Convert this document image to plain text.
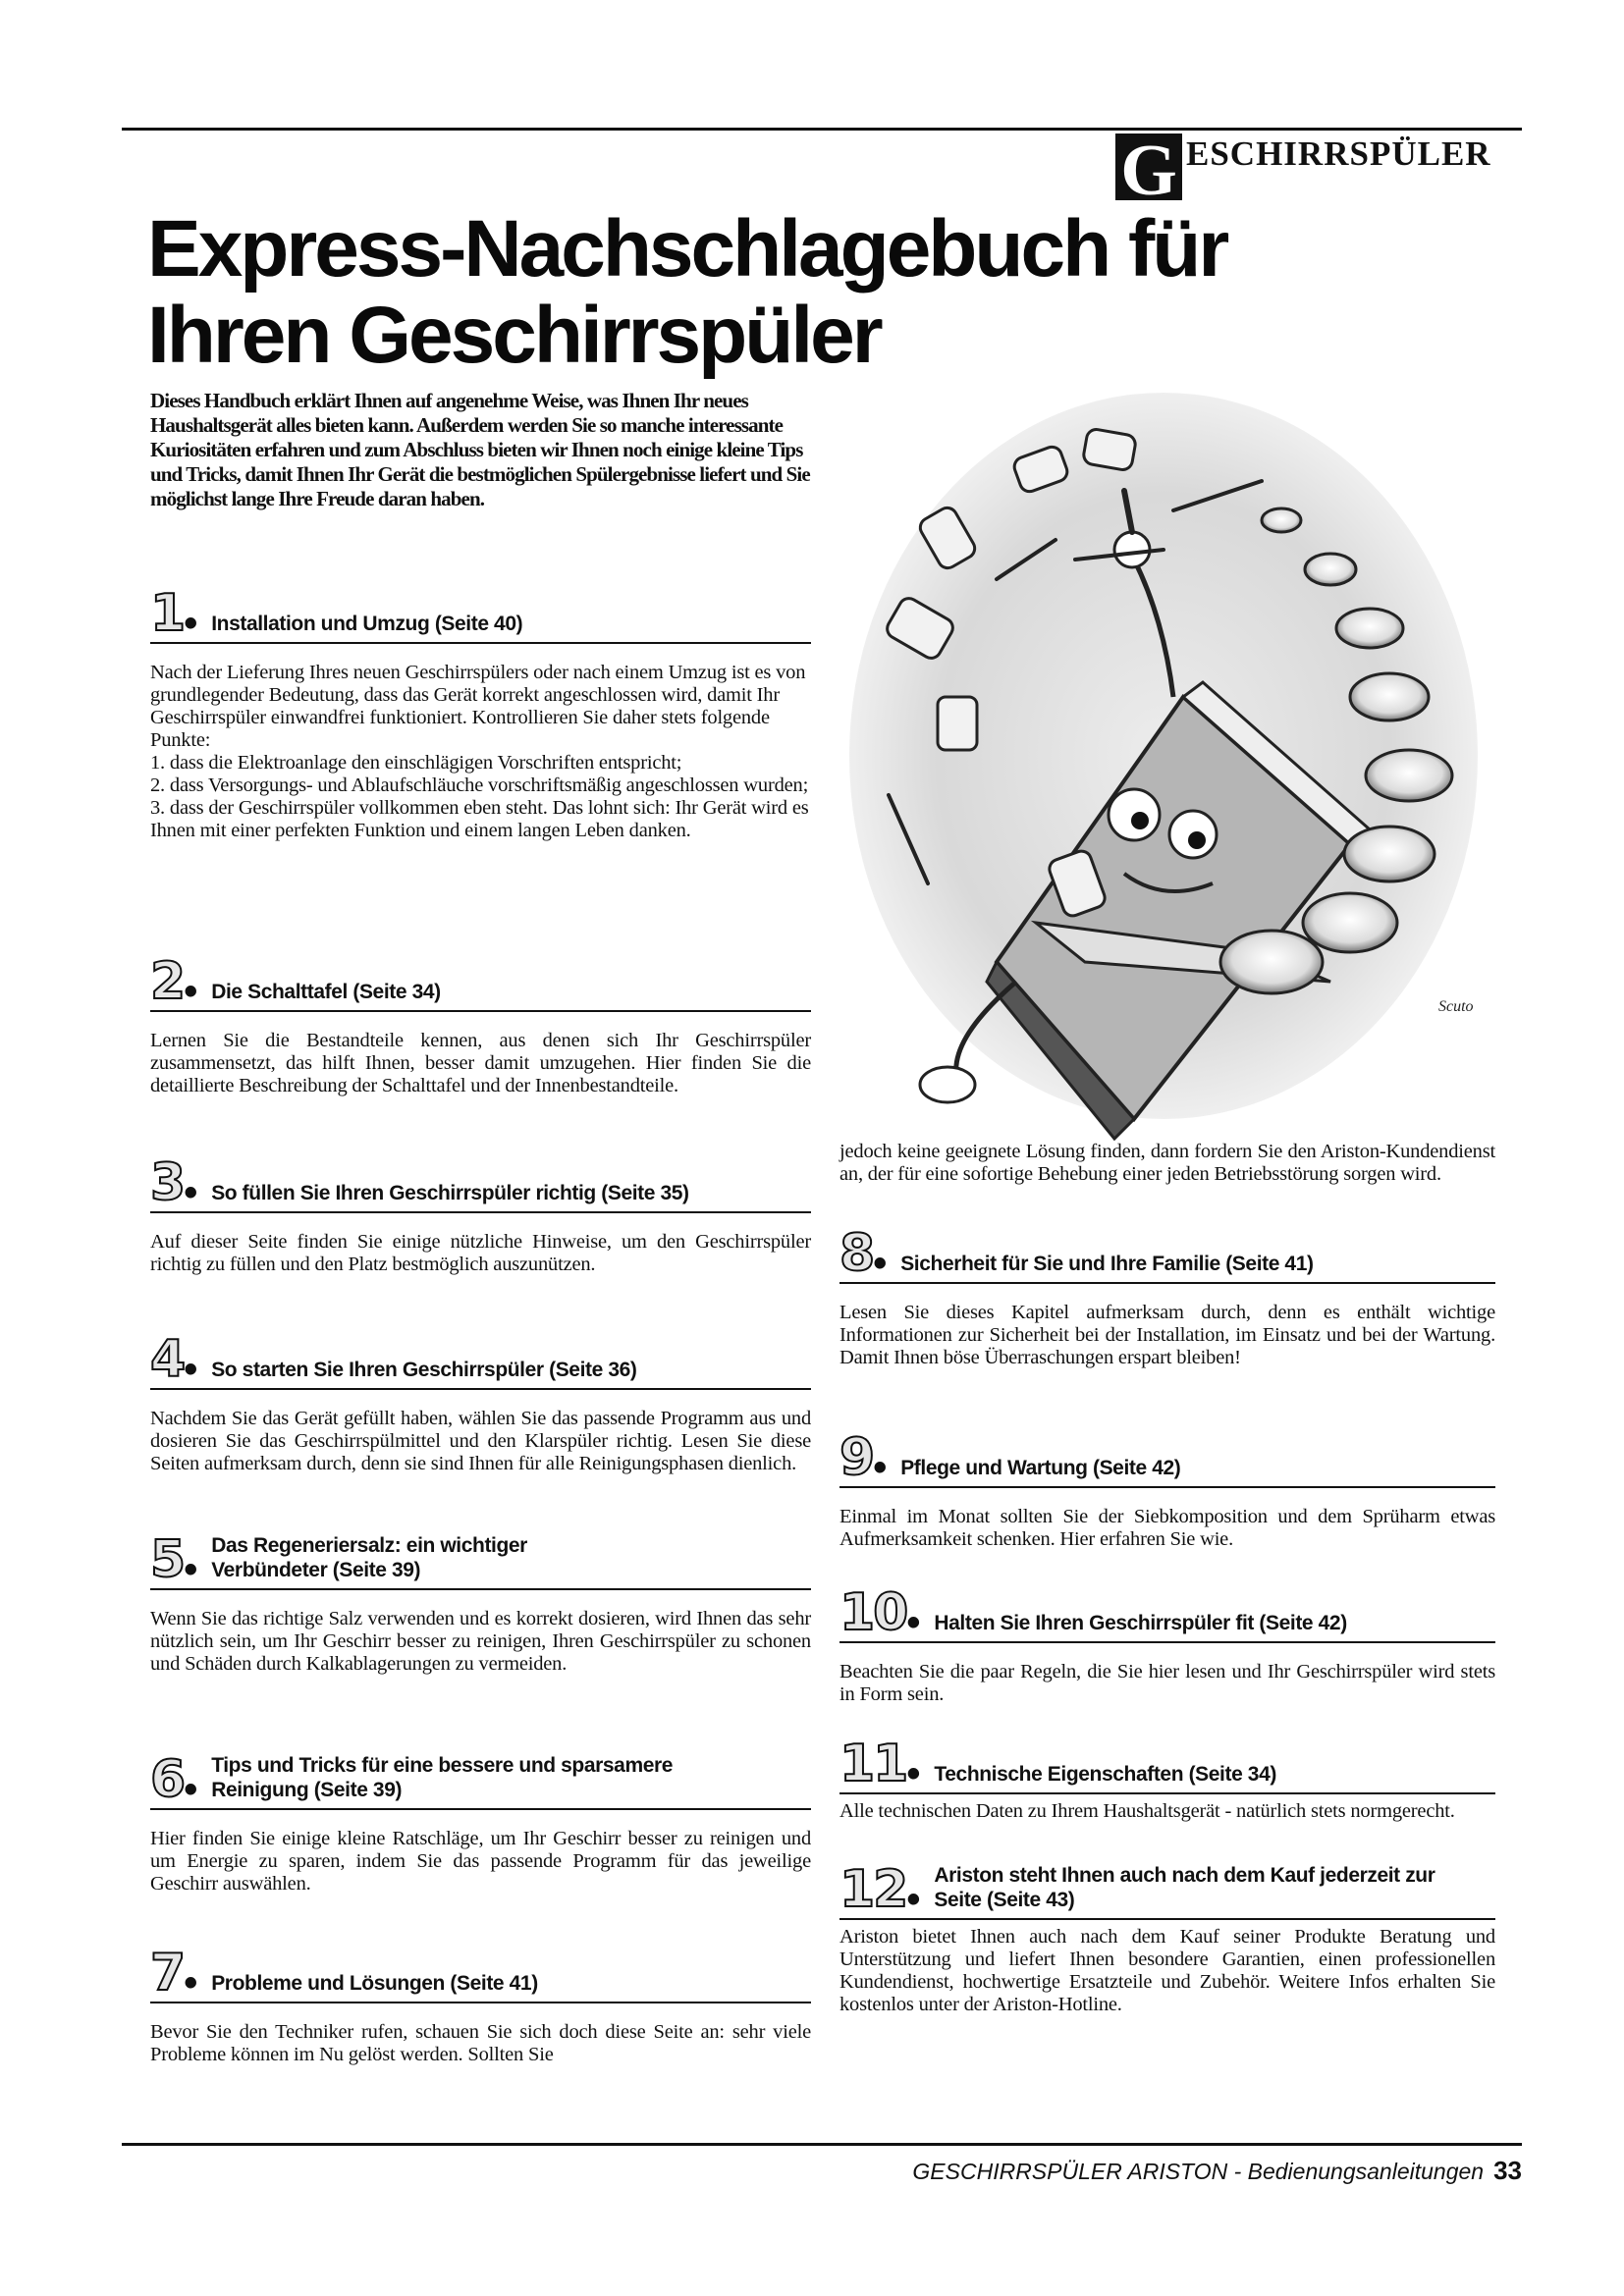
G ESCHIRRSPÜLER
Express-Nachschlagebuch für Ihren Geschirrspüler

Dieses Handbuch erklärt Ihnen auf angenehme Weise, was Ihnen Ihr neues Haushaltsgerät alles bieten kann. Außerdem werden Sie so manche interessante Kuriositäten erfahren und zum Abschluss bieten wir Ihnen noch einige kleine Tips und Tricks, damit Ihnen Ihr Gerät die bestmöglichen Spülergebnisse liefert und Sie möglichst lange Ihre Freude daran haben.

Scuto
1 • Installation und Umzug (Seite 40)

Nach der Lieferung Ihres neuen Geschirrspülers oder nach einem Umzug ist es von grundlegender Bedeutung, dass das Gerät korrekt angeschlossen wird, damit Ihr Geschirrspüler einwandfrei funktioniert. Kontrollieren Sie daher stets folgende Punkte:
1. dass die Elektroanlage den einschlägigen Vorschriften entspricht;
2. dass Versorgungs- und Ablaufschläuche vorschriftsmäßig angeschlossen wurden;
3. dass der Geschirrspüler vollkommen eben steht. Das lohnt sich: Ihr Gerät wird es Ihnen mit einer perfekten Funktion und einem langen Leben danken.

2 • Die Schalttafel (Seite 34)

Lernen Sie die Bestandteile kennen, aus denen sich Ihr Geschirrspüler zusammensetzt, das hilft Ihnen, besser damit umzugehen. Hier finden Sie die detaillierte Beschreibung der Schalttafel und der Innenbestandteile.

3 • So füllen Sie Ihren Geschirrspüler richtig (Seite 35)

Auf dieser Seite finden Sie einige nützliche Hinweise, um den Geschirrspüler richtig zu füllen und den Platz bestmöglich auszunützen.

4 • So starten Sie Ihren Geschirrspüler (Seite 36)

Nachdem Sie das Gerät gefüllt haben, wählen Sie das passende Programm aus und dosieren Sie das Geschirrspülmittel und den Klarspüler richtig. Lesen Sie diese Seiten aufmerksam durch, denn sie sind Ihnen für alle Reinigungsphasen dienlich.

5 •
Das Regeneriersalz: ein wichtiger Verbündeter (Seite 39)

Wenn Sie das richtige Salz verwenden und es korrekt dosieren, wird Ihnen das sehr nützlich sein, um Ihr Geschirr besser zu reinigen, Ihren Geschirrspüler zu schonen und Schäden durch Kalkablagerungen zu vermeiden.

6 •
Tips und Tricks für eine bessere und sparsamere Reinigung (Seite 39)

Hier finden Sie einige kleine Ratschläge, um Ihr Geschirr besser zu reinigen und um Energie zu sparen, indem Sie das passende Programm für das jeweilige Geschirr auswählen.

7 • Probleme und Lösungen (Seite 41)

Bevor Sie den Techniker rufen, schauen Sie sich doch diese Seite an: sehr viele Probleme können im Nu gelöst werden. Sollten Sie

jedoch keine geeignete Lösung finden, dann fordern Sie den Ariston-Kundendienst an, der für eine sofortige Behebung einer jeden Betriebsstörung sorgen wird.

8 • Sicherheit für Sie und Ihre Familie (Seite 41)

Lesen Sie dieses Kapitel aufmerksam durch, denn es enthält wichtige Informationen zur Sicherheit bei der Installation, im Einsatz und bei der Wartung. Damit Ihnen böse Überraschungen erspart bleiben!

9 • Pflege und Wartung (Seite 42)

Einmal im Monat sollten Sie der Siebkomposition und dem Sprüharm etwas Aufmerksamkeit schenken. Hier erfahren Sie wie.

10 • Halten Sie Ihren Geschirrspüler fit (Seite 42)

Beachten Sie die paar Regeln, die Sie hier lesen und Ihr Geschirrspüler wird stets in Form sein.

11 • Technische Eigenschaften (Seite 34)

Alle technischen Daten zu Ihrem Haushaltsgerät - natürlich stets normgerecht.

12 •
Ariston steht Ihnen auch nach dem Kauf jederzeit zur Seite (Seite 43)

Ariston bietet Ihnen auch nach dem Kauf seiner Produkte Beratung und Unterstützung und liefert Ihnen besondere Garantien, einen professionellen Kundendienst, hochwertige Ersatzteile und Zubehör. Weitere Infos erhalten Sie kostenlos unter der Ariston-Hotline.

GESCHIRRSPÜLER ARISTON - Bedienungsanleitungen 33
